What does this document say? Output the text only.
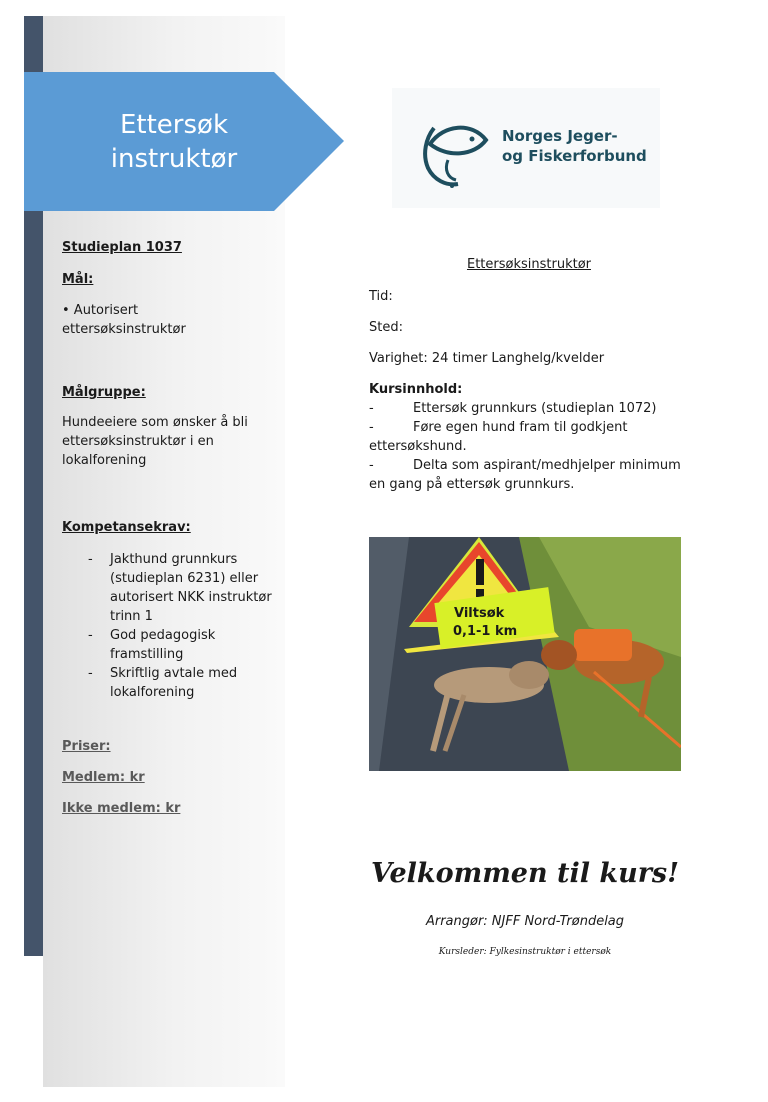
Ettersøk
instruktør
Norges Jeger-
og Fiskerforbund
Studieplan 1037
Mål:
• Autorisert ettersøksinstruktør
Målgruppe:
Hundeeiere som ønsker å bli ettersøksinstruktør i en lokalforening
Kompetansekrav:
- Jakthund grunnkurs (studieplan 6231) eller autorisert NKK instruktør trinn 1
- God pedagogisk framstilling
- Skriftlig avtale med lokalforening
Priser:
Medlem: kr
Ikke medlem: kr
Ettersøksinstruktør
Tid:
Sted:
Varighet: 24 timer Langhelg/kvelder
Kursinnhold:
-	Ettersøk grunnkurs (studieplan 1072)
-	Føre egen hund fram til godkjent ettersøkshund.
-	Delta som aspirant/medhjelper minimum en gang på ettersøk grunnkurs.
Viltsøk
0,1-1 km
Velkommen til kurs!
Arrangør: NJFF Nord-Trøndelag
Kursleder: Fylkesinstruktør i ettersøk
